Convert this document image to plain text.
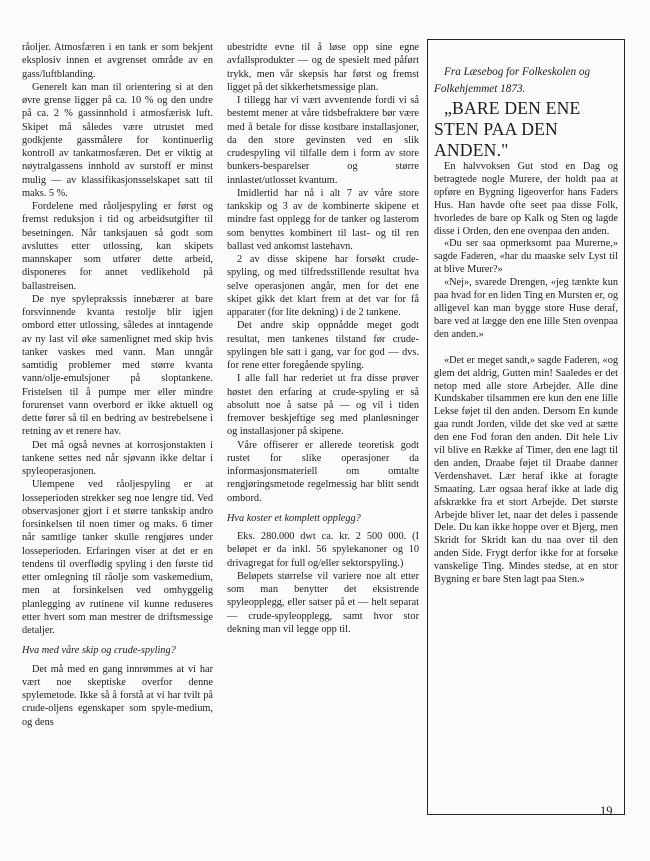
råoljer. Atmosfæren i en tank er som bekjent eksplosiv innen et avgrenset område av en gass/luftblanding.

Generelt kan man til orientering si at den øvre grense ligger på ca. 10 % og den undre på ca. 2 % gassinnhold i atmosfærisk luft. Skipet må således være utrustet med godkjente gassmålere for kontinuerlig kontroll av tankatmosfæren. Det er viktig at nøytralgassens innhold av surstoff er minst mulig — av klassifikasjonsselskapet satt til maks. 5 %.

Fordelene med råoljespyling er først og fremst reduksjon i tid og arbeidsutgifter til besetningen. Når tanksjauen så godt som avsluttes etter utlossing, kan skipets mannskaper som utfører dette arbeid, disponeres for annet vedlikehold på ballastreisen.

De nye spyleprakssis innebærer at bare forsvinnende kvanta restolje blir igjen ombord etter utlossing, således at inntagende av ny last vil øke samenlignet med skip hvis tanker vaskes med vann. Man unngår samtidig problemer med større kvanta vann/olje-emulsjoner på sloptankene. Fristelsen til å pumpe mer eller mindre forurenset vann overbord er ikke aktuell og dette fører så til en bedring av bestrebelsene i retning av et renere hav.

Det må også nevnes at korrosjonstakten i tankene settes ned når sjøvann ikke deltar i spyleoperasjonen.

Ulempene ved råoljespyling er at losseperioden strekker seg noe lengre tid. Ved observasjoner gjort i et større tankskip andro forsinkelsen til noen timer og maks. 6 timer når samtlige tanker skulle rengjøres under losseperioden. Erfaringen viser at det er en tendens til overflødig spyling i den første tid etter omlegning til råolje som vaskemedium, men at forsinkelsen ved omhyggelig planlegging av rutinene vil kunne reduseres etter hvert som man mestrer de driftsmessige detaljer.

Hva med våre skip og crude-spyling?

Det må med en gang innrømmes at vi har vært noe skeptiske overfor denne spylemetode. Ikke så å forstå at vi har tvilt på crude-oljens egenskaper som spyle-medium, og dens

ubestridte evne til å løse opp sine egne avfallsprodukter — og de spesielt med påført trykk, men vår skepsis har først og fremst ligget på det sikkerhetsmessige plan.

I tillegg har vi vært avventende fordi vi så bestemt mener at våre tidsbefraktere bør være med å betale for disse kostbare installasjoner, da den store gevinsten ved en slik crudespyling vil tilfalle dem i form av store bunkers-besparelser og større innlastet/utlosset kvantum.

Imidlertid har nå i alt 7 av våre store tankskip og 3 av de kombinerte skipene et mindre fast opplegg for de tanker og lasterom som benyttes kombinert til last- og til ren ballast ved ankomst lastehavn.

2 av disse skipene har forsøkt crude-spyling, og med tilfredsstillende resultat hva selve operasjonen angår, men for det ene skipet gikk det klart frem at det var for få apparater (for lite dekning) i de 2 tankene.

Det andre skip oppnådde meget godt resultat, men tankenes tilstand før crude-spylingen ble satt i gang, var for god — dvs. for rene etter foregående spyling.

I alle fall har rederiet ut fra disse prøver høstet den erfaring at crude-spyling er så absolutt noe å satse på — og vil i tiden fremover beskjeftige seg med planløsninger og installasjoner på skipene.

Våre offiserer er allerede teoretisk godt rustet for slike operasjoner da informasjonsmateriell om omtalte rengjøringsmetode regelmessig har blitt sendt ombord.

Hva koster et komplett opplegg?

Eks. 280.000 dwt ca. kr. 2 500 000. (I beløpet er da inkl. 56 spylekanoner og 10 drivagregat for full og/eller sektorspyling.)

Beløpets størrelse vil variere noe alt etter som man benytter det eksistrende spyleopplegg, eller satser på et — helt separat — crude-spyleopplegg, samt hvor stor dekning man vil legge opp til.

Fra Læsebog for Folkeskolen og Folkehjemmet 1873.

„BARE DEN ENE STEN PAA DEN ANDEN."

En halvvoksen Gut stod en Dag og betragtede nogle Murere, der holdt paa at opføre en Bygning ligeoverfor hans Faders Hus. Han havde ofte seet paa disse Folk, hvorledes de bare op Kalk og Sten og lagde disse i Orden, den ene ovenpaa den anden.

«Du ser saa opmerksomt paa Murerne,» sagde Faderen, «har du maaske selv Lyst til at blive Murer?»

«Nej», svarede Drengen, «jeg tænkte kun paa hvad for en liden Ting en Mursten er, og alligevel kan man bygge store Huse deraf, bare ved at lægge den ene lille Sten ovenpaa den anden.»

«Det er meget sandt,» sagde Faderen, «og glem det aldrig, Gutten min! Saaledes er det netop med alle store Arbejder. Alle dine Kundskaber tilsammen ere kun den ene lille Lekse føjet til den anden. Dersom En kunde gaa rundt Jorden, vilde det ske ved at sætte den ene Fod foran den anden. Dit hele Liv vil blive en Række af Timer, den ene lagt til den anden, Draabe føjet til Draabe danner Verdenshavet. Lær heraf ikke at foragte Smaating. Lær ogsaa heraf ikke at lade dig afskrække fra et stort Arbejde. Det største Arbejde bliver let, naar det deles i passende Dele. Du kan ikke hoppe over et Bjerg, men Skridt for Skridt kan du naa over til den anden Side. Frygt derfor ikke for at forsøke vanskelige Ting. Mindes stedse, at en stor Bygning er bare Sten lagt paa Sten.»

19
